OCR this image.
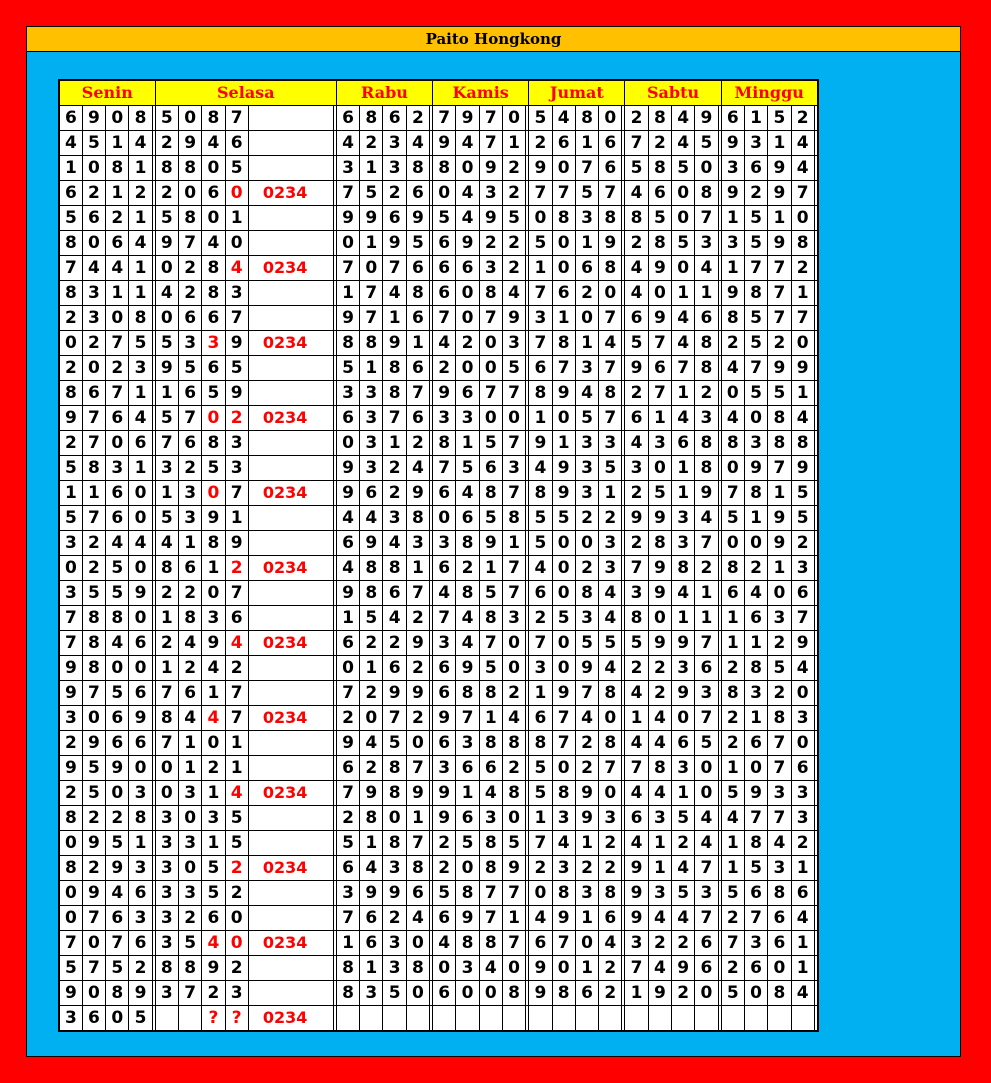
Paito Hongkong
Senin					Selasa						Rabu					Kamis					Jumat					Sabtu					Minggu				
6	9	0	8		5	0	8	7			6	8	6	2		7	9	7	0		5	4	8	0		2	8	4	9		6	1	5	2	
4	5	1	4		2	9	4	6			4	2	3	4		9	4	7	1		2	6	1	6		7	2	4	5		9	3	1	4	
1	0	8	1		8	8	0	5			3	1	3	8		8	0	9	2		9	0	7	6		5	8	5	0		3	6	9	4	
6	2	1	2		2	0	6	0	0234		7	5	2	6		0	4	3	2		7	7	5	7		4	6	0	8		9	2	9	7	
5	6	2	1		5	8	0	1			9	9	6	9		5	4	9	5		0	8	3	8		8	5	0	7		1	5	1	0	
8	0	6	4		9	7	4	0			0	1	9	5		6	9	2	2		5	0	1	9		2	8	5	3		3	5	9	8	
7	4	4	1		0	2	8	4	0234		7	0	7	6		6	6	3	2		1	0	6	8		4	9	0	4		1	7	7	2	
8	3	1	1		4	2	8	3			1	7	4	8		6	0	8	4		7	6	2	0		4	0	1	1		9	8	7	1	
2	3	0	8		0	6	6	7			9	7	1	6		7	0	7	9		3	1	0	7		6	9	4	6		8	5	7	7	
0	2	7	5		5	3	3	9	0234		8	8	9	1		4	2	0	3		7	8	1	4		5	7	4	8		2	5	2	0	
2	0	2	3		9	5	6	5			5	1	8	6		2	0	0	5		6	7	3	7		9	6	7	8		4	7	9	9	
8	6	7	1		1	6	5	9			3	3	8	7		9	6	7	7		8	9	4	8		2	7	1	2		0	5	5	1	
9	7	6	4		5	7	0	2	0234		6	3	7	6		3	3	0	0		1	0	5	7		6	1	4	3		4	0	8	4	
2	7	0	6		7	6	8	3			0	3	1	2		8	1	5	7		9	1	3	3		4	3	6	8		8	3	8	8	
5	8	3	1		3	2	5	3			9	3	2	4		7	5	6	3		4	9	3	5		3	0	1	8		0	9	7	9	
1	1	6	0		1	3	0	7	0234		9	6	2	9		6	4	8	7		8	9	3	1		2	5	1	9		7	8	1	5	
5	7	6	0		5	3	9	1			4	4	3	8		0	6	5	8		5	5	2	2		9	9	3	4		5	1	9	5	
3	2	4	4		4	1	8	9			6	9	4	3		3	8	9	1		5	0	0	3		2	8	3	7		0	0	9	2	
0	2	5	0		8	6	1	2	0234		4	8	8	1		6	2	1	7		4	0	2	3		7	9	8	2		8	2	1	3	
3	5	5	9		2	2	0	7			9	8	6	7		4	8	5	7		6	0	8	4		3	9	4	1		6	4	0	6	
7	8	8	0		1	8	3	6			1	5	4	2		7	4	8	3		2	5	3	4		8	0	1	1		1	6	3	7	
7	8	4	6		2	4	9	4	0234		6	2	2	9		3	4	7	0		7	0	5	5		5	9	9	7		1	1	2	9	
9	8	0	0		1	2	4	2			0	1	6	2		6	9	5	0		3	0	9	4		2	2	3	6		2	8	5	4	
9	7	5	6		7	6	1	7			7	2	9	9		6	8	8	2		1	9	7	8		4	2	9	3		8	3	2	0	
3	0	6	9		8	4	4	7	0234		2	0	7	2		9	7	1	4		6	7	4	0		1	4	0	7		2	1	8	3	
2	9	6	6		7	1	0	1			9	4	5	0		6	3	8	8		8	7	2	8		4	4	6	5		2	6	7	0	
9	5	9	0		0	1	2	1			6	2	8	7		3	6	6	2		5	0	2	7		7	8	3	0		1	0	7	6	
2	5	0	3		0	3	1	4	0234		7	9	8	9		9	1	4	8		5	8	9	0		4	4	1	0		5	9	3	3	
8	2	2	8		3	0	3	5			2	8	0	1		9	6	3	0		1	3	9	3		6	3	5	4		4	7	7	3	
0	9	5	1		3	3	1	5			5	1	8	7		2	5	8	5		7	4	1	2		4	1	2	4		1	8	4	2	
8	2	9	3		3	0	5	2	0234		6	4	3	8		2	0	8	9		2	3	2	2		9	1	4	7		1	5	3	1	
0	9	4	6		3	3	5	2			3	9	9	6		5	8	7	7		0	8	3	8		9	3	5	3		5	6	8	6	
0	7	6	3		3	2	6	0			7	6	2	4		6	9	7	1		4	9	1	6		9	4	4	7		2	7	6	4	
7	0	7	6		3	5	4	0	0234		1	6	3	0		4	8	8	7		6	7	0	4		3	2	2	6		7	3	6	1	
5	7	5	2		8	8	9	2			8	1	3	8		0	3	4	0		9	0	1	2		7	4	9	6		2	6	0	1	
9	0	8	9		3	7	2	3			8	3	5	0		6	0	0	8		9	8	6	2		1	9	2	0		5	0	8	4	
3	6	0	5				?	?	0234																										
